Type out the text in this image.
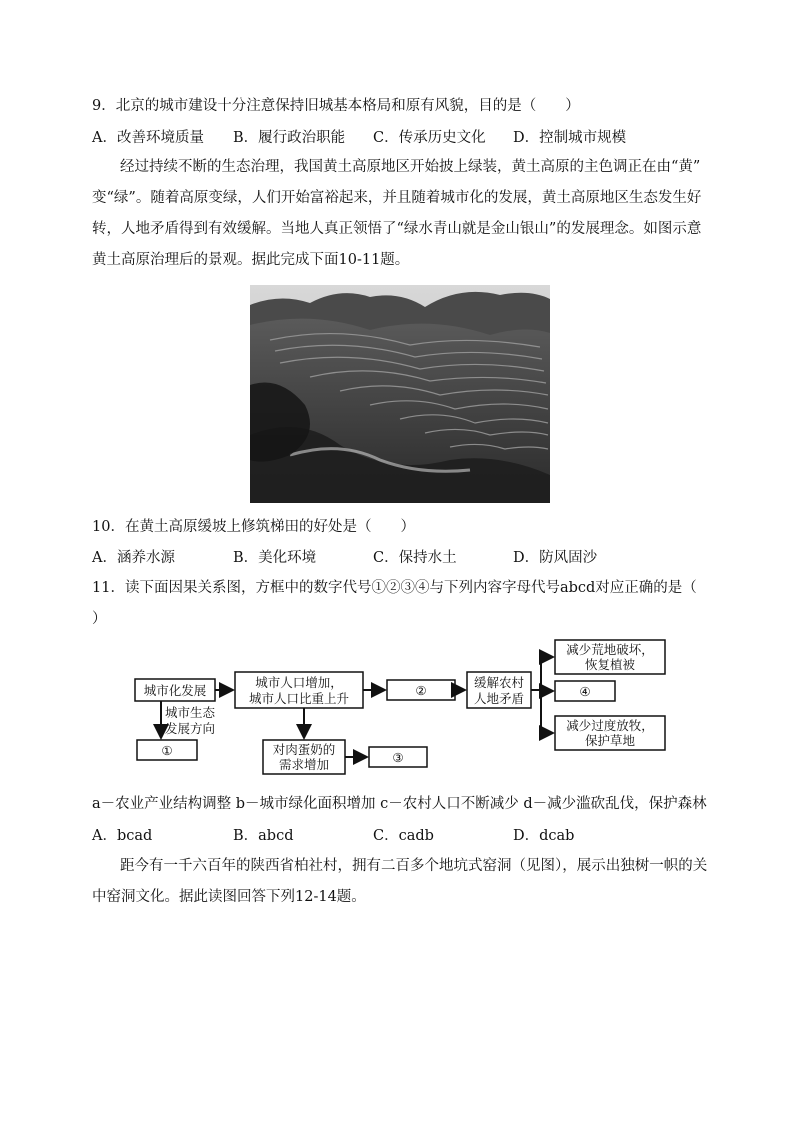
9．北京的城市建设十分注意保持旧城基本格局和原有风貌，目的是（　　）
A．改善环境质量 B．履行政治职能 C．传承历史文化 D．控制城市规模
经过持续不断的生态治理，我国黄土高原地区开始披上绿装，黄土高原的主色调正在由“黄”
变“绿”。随着高原变绿，人们开始富裕起来，并且随着城市化的发展，黄土高原地区生态发生好
转，人地矛盾得到有效缓解。当地人真正领悟了“绿水青山就是金山银山”的发展理念。如图示意
黄土高原治理后的景观。据此完成下面10-11题。
10．在黄土高原缓坡上修筑梯田的好处是（　　）
A．涵养水源	B．美化环境	C．保持水土	D．防风固沙
11．读下面因果关系图，方框中的数字代号①②③④与下列内容字母代号abcd对应正确的是（
）
城市化发展
城市人口增加，
城市人口比重上升
②
缓解农村
人地矛盾
减少荒地破坏，
恢复植被
④
减少过度放牧，
保护草地
城市生态
发展方向
①	对肉蛋奶的
需求增加	③
a－农业产业结构调整 b－城市绿化面积增加 c－农村人口不断减少 d－减少滥砍乱伐，保护森林
A．bcad	B．abcd	C．cadb	D．dcab
距今有一千六百年的陕西省柏社村，拥有二百多个地坑式窑洞（见图），展示出独树一帜的关
中窑洞文化。据此读图回答下列12-14题。
